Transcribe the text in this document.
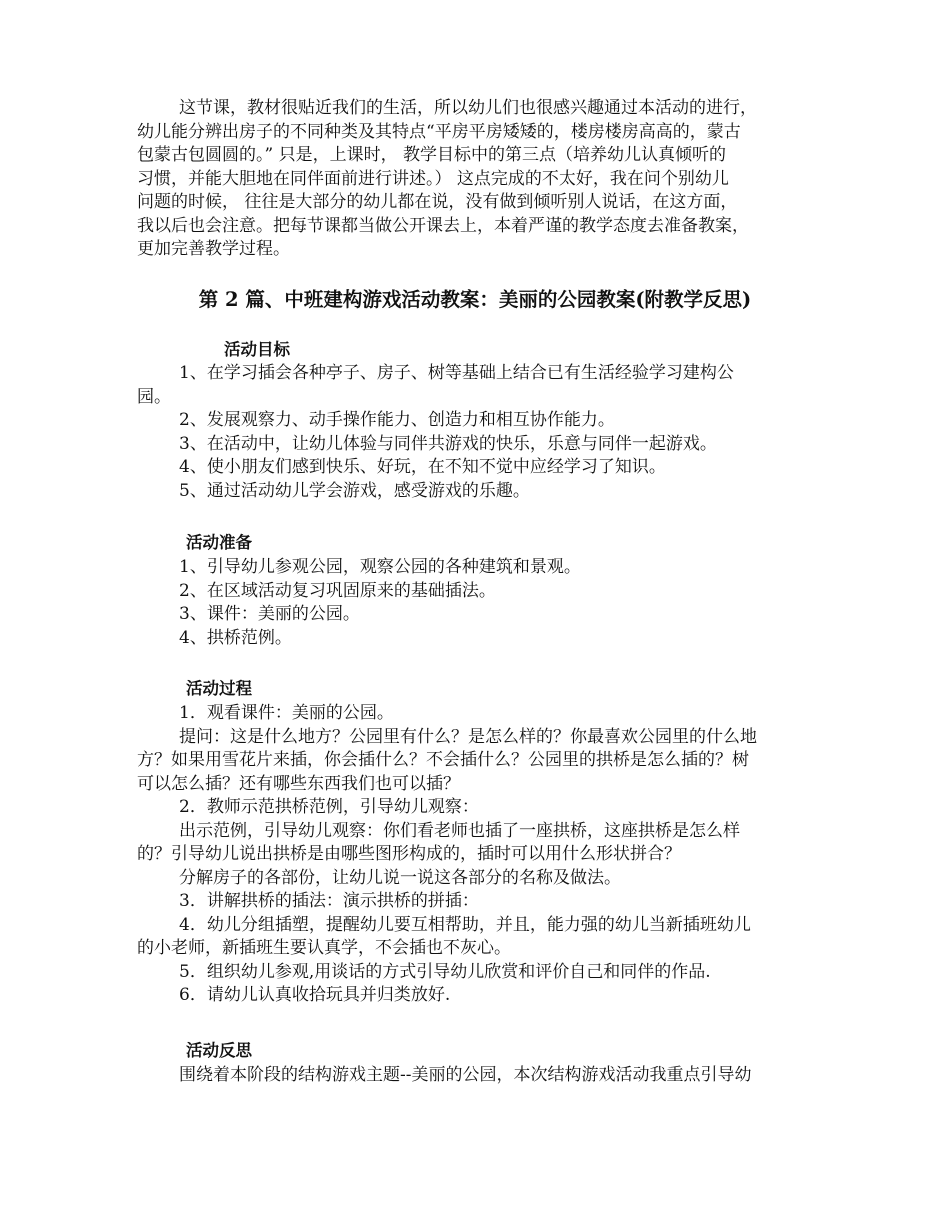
这节课，教材很贴近我们的生活，所以幼儿们也很感兴趣通过本活动的进行，
幼儿能分辨出房子的不同种类及其特点“平房平房矮矮的，楼房楼房高高的，蒙古
包蒙古包圆圆的。” 只是，上课时， 教学目标中的第三点（培养幼儿认真倾听的
习惯，并能大胆地在同伴面前进行讲述。） 这点完成的不太好，我在问个别幼儿
问题的时候， 往往是大部分的幼儿都在说，没有做到倾听别人说话，在这方面，
我以后也会注意。把每节课都当做公开课去上，本着严谨的教学态度去准备教案，
更加完善教学过程。
第 2 篇、中班建构游戏活动教案：美丽的公园教案(附教学反思)
活动目标
1、在学习插会各种亭子、房子、树等基础上结合已有生活经验学习建构公
园。
2、发展观察力、动手操作能力、创造力和相互协作能力。
3、在活动中，让幼儿体验与同伴共游戏的快乐，乐意与同伴一起游戏。
4、使小朋友们感到快乐、好玩，在不知不觉中应经学习了知识。
5、通过活动幼儿学会游戏，感受游戏的乐趣。
活动准备
1、引导幼儿参观公园，观察公园的各种建筑和景观。
2、在区域活动复习巩固原来的基础插法。
3、课件：美丽的公园。
4、拱桥范例。
活动过程
1．观看课件：美丽的公园。
提问：这是什么地方？公园里有什么？是怎么样的？你最喜欢公园里的什么地
方？如果用雪花片来插，你会插什么？不会插什么？公园里的拱桥是怎么插的？树
可以怎么插？还有哪些东西我们也可以插？
2．教师示范拱桥范例，引导幼儿观察：
出示范例，引导幼儿观察：你们看老师也插了一座拱桥，这座拱桥是怎么样
的？引导幼儿说出拱桥是由哪些图形构成的，插时可以用什么形状拼合？
分解房子的各部份，让幼儿说一说这各部分的名称及做法。
3．讲解拱桥的插法：演示拱桥的拼插：
4．幼儿分组插塑，提醒幼儿要互相帮助，并且，能力强的幼儿当新插班幼儿
的小老师，新插班生要认真学，不会插也不灰心。
5．组织幼儿参观,用谈话的方式引导幼儿欣赏和评价自己和同伴的作品.
6．请幼儿认真收拾玩具并归类放好.
活动反思
围绕着本阶段的结构游戏主题--美丽的公园，本次结构游戏活动我重点引导幼
